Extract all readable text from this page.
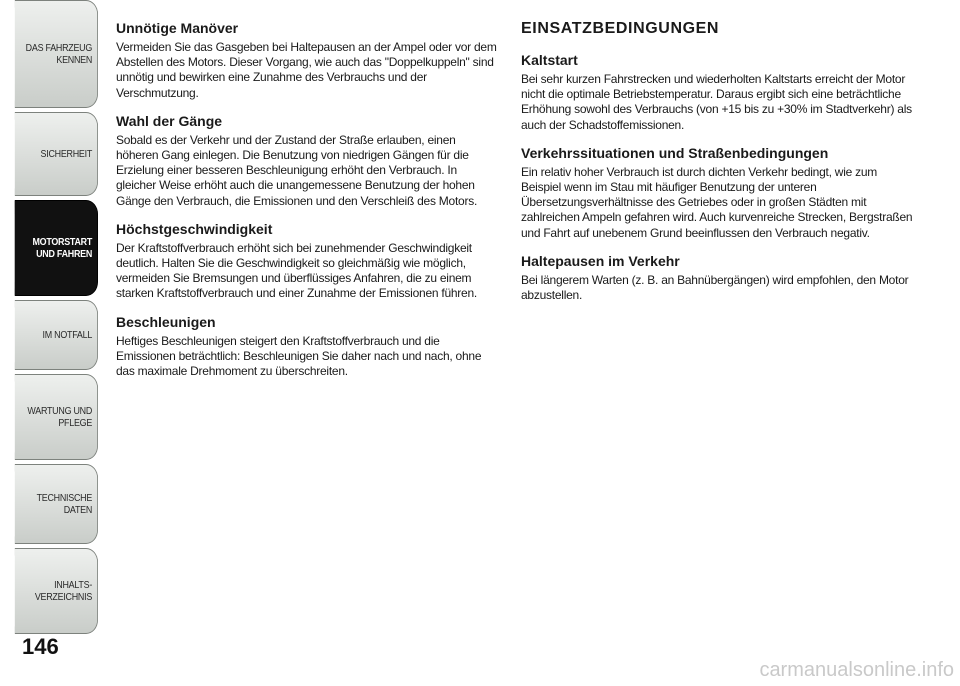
DAS FAHRZEUG
KENNEN
SICHERHEIT
MOTORSTART
UND FAHREN
IM NOTFALL
WARTUNG UND
PFLEGE
TECHNISCHE DATEN
INHALTS-
VERZEICHNIS
146
Unnötige Manöver

Vermeiden Sie das Gasgeben bei Haltepausen an der Ampel oder vor dem Abstellen des Motors. Dieser Vorgang, wie auch das "Doppelkuppeln" sind unnötig und bewirken eine Zunahme des Verbrauchs und der Verschmutzung.

Wahl der Gänge

Sobald es der Verkehr und der Zustand der Straße erlauben, einen höheren Gang einlegen. Die Benutzung von niedrigen Gängen für die Erzielung einer besseren Beschleunigung erhöht den Verbrauch. In gleicher Weise erhöht auch die unangemessene Benutzung der hohen Gänge den Verbrauch, die Emissionen und den Verschleiß des Motors.

Höchstgeschwindigkeit

Der Kraftstoffverbrauch erhöht sich bei zunehmender Geschwindigkeit deutlich. Halten Sie die Geschwindigkeit so gleichmäßig wie möglich, vermeiden Sie Bremsungen und überflüssiges Anfahren, die zu einem starken Kraftstoffverbrauch und einer Zunahme der Emissionen führen.

Beschleunigen

Heftiges Beschleunigen steigert den Kraftstoffverbrauch und die Emissionen beträchtlich: Beschleunigen Sie daher nach und nach, ohne das maximale Drehmoment zu überschreiten.

EINSATZBEDINGUNGEN
Kaltstart

Bei sehr kurzen Fahrstrecken und wiederholten Kaltstarts erreicht der Motor nicht die optimale Betriebstemperatur. Daraus ergibt sich eine beträchtliche Erhöhung sowohl des Verbrauchs (von +15 bis zu +30% im Stadtverkehr) als auch der Schadstoffemissionen.

Verkehrssituationen und Straßenbedingungen

Ein relativ hoher Verbrauch ist durch dichten Verkehr bedingt, wie zum Beispiel wenn im Stau mit häufiger Benutzung der unteren Übersetzungsverhältnisse des Getriebes oder in großen Städten mit zahlreichen Ampeln gefahren wird. Auch kurvenreiche Strecken, Bergstraßen und Fahrt auf unebenem Grund beeinflussen den Verbrauch negativ.

Haltepausen im Verkehr

Bei längerem Warten (z. B. an Bahnübergängen) wird empfohlen, den Motor abzustellen.

carmanualsonline.info
